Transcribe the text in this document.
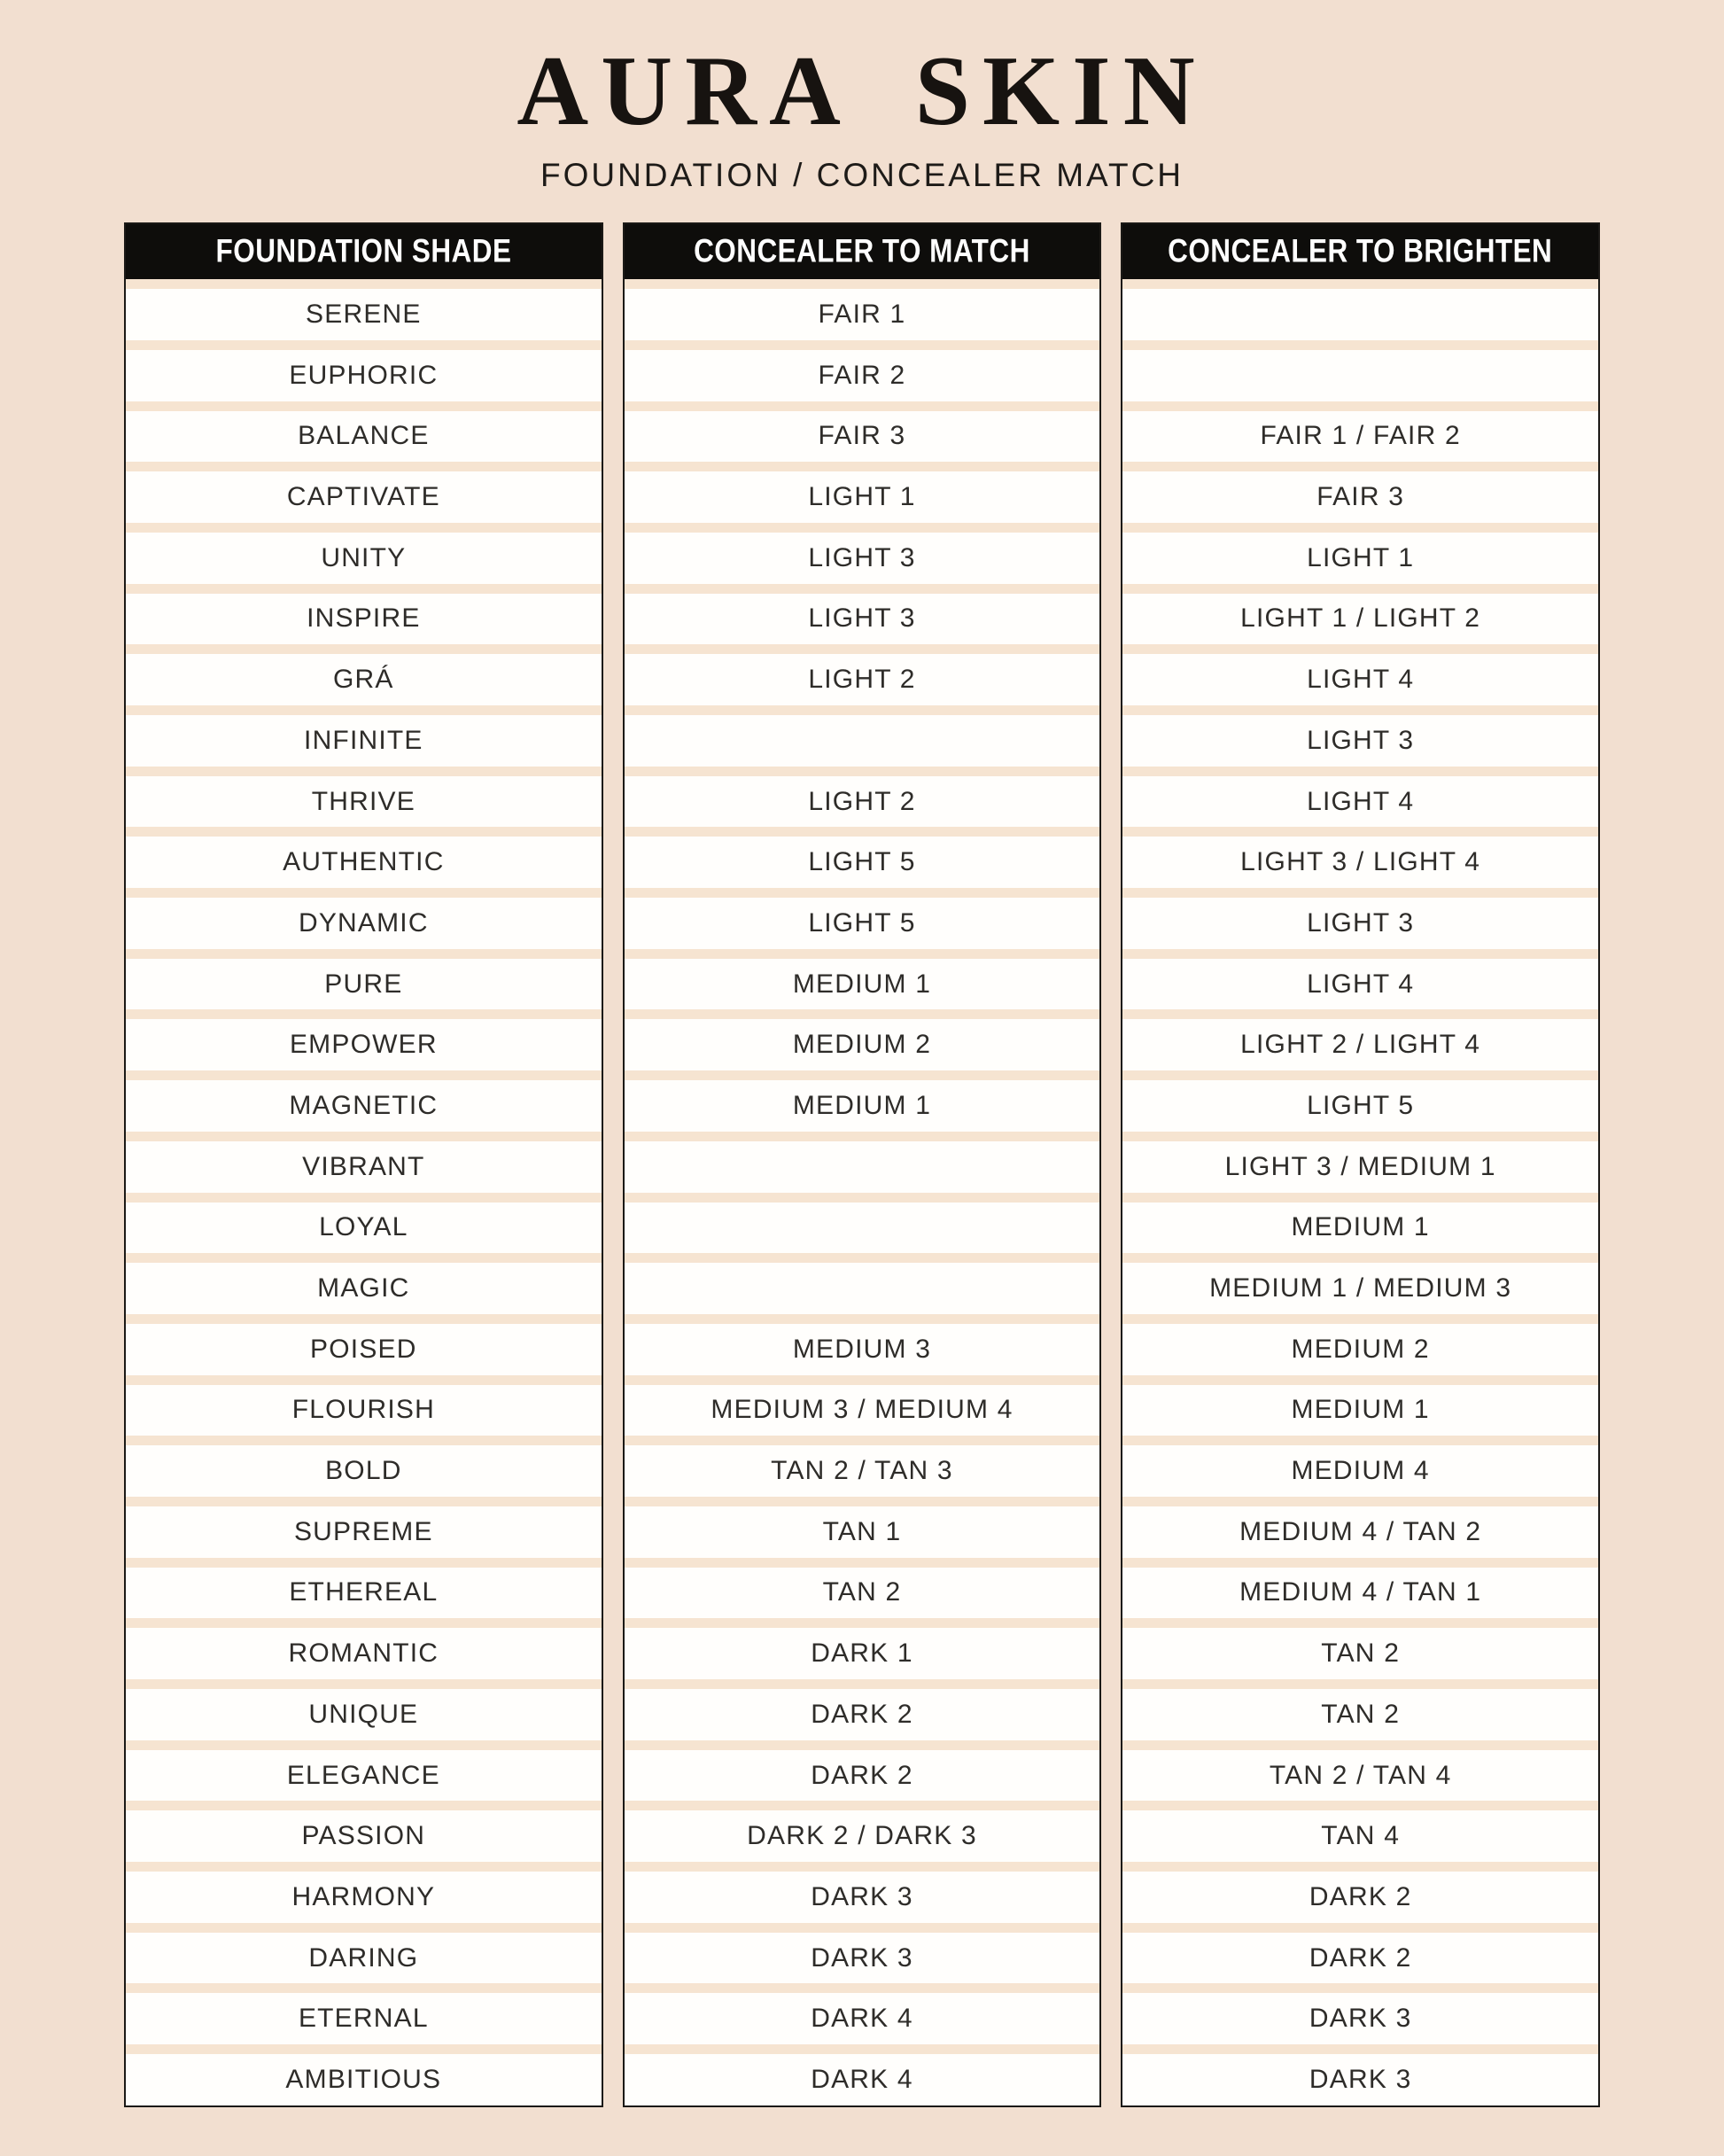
AURA SKIN
FOUNDATION / CONCEALER MATCH
FOUNDATION SHADE
SERENE
EUPHORIC
BALANCE
CAPTIVATE
UNITY
INSPIRE
GRÁ
INFINITE
THRIVE
AUTHENTIC
DYNAMIC
PURE
EMPOWER
MAGNETIC
VIBRANT
LOYAL
MAGIC
POISED
FLOURISH
BOLD
SUPREME
ETHEREAL
ROMANTIC
UNIQUE
ELEGANCE
PASSION
HARMONY
DARING
ETERNAL
AMBITIOUS
CONCEALER TO MATCH
FAIR 1
FAIR 2
FAIR 3
LIGHT 1
LIGHT 3
LIGHT 3
LIGHT 2
LIGHT 2
LIGHT 5
LIGHT 5
MEDIUM 1
MEDIUM 2
MEDIUM 1
MEDIUM 3
MEDIUM 3 / MEDIUM 4
TAN 2 / TAN 3
TAN 1
TAN 2
DARK 1
DARK 2
DARK 2
DARK 2 / DARK 3
DARK 3
DARK 3
DARK 4
DARK 4
CONCEALER TO BRIGHTEN
FAIR 1 / FAIR 2
FAIR 3
LIGHT 1
LIGHT 1 / LIGHT 2
LIGHT 4
LIGHT 3
LIGHT 4
LIGHT 3 / LIGHT 4
LIGHT 3
LIGHT 4
LIGHT 2 / LIGHT 4
LIGHT 5
LIGHT 3 / MEDIUM 1
MEDIUM 1
MEDIUM 1 / MEDIUM 3
MEDIUM 2
MEDIUM 1
MEDIUM 4
MEDIUM 4 / TAN 2
MEDIUM 4 / TAN 1
TAN 2
TAN 2
TAN 2 / TAN 4
TAN 4
DARK 2
DARK 2
DARK 3
DARK 3
